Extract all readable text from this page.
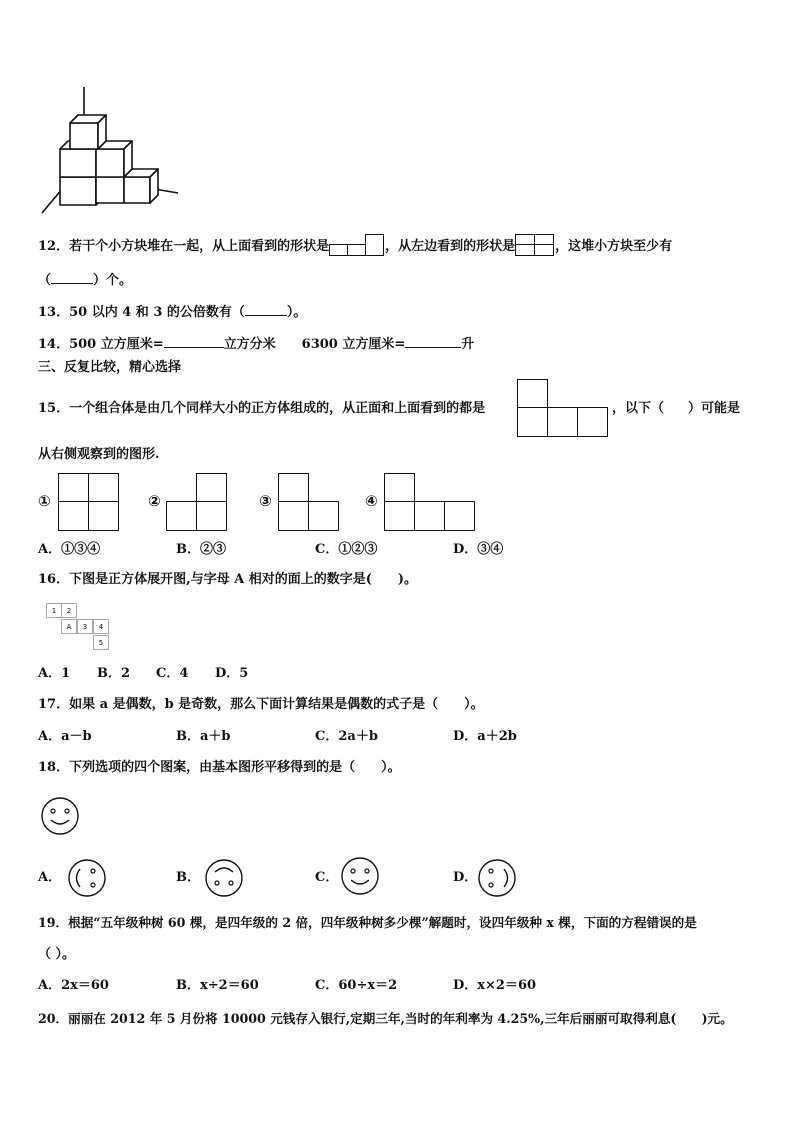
12．若干个小方块堆在一起，从上面看到的形状是	，从左边看到的形状是	，这堆小方块至少有
（	）个。
13．50 以内 4 和 3 的公倍数有（	）。
14．500 立方厘米=	立方分米 6300 立方厘米=	升
三、反复比较，精心选择
15．一个组合体是由几个同样大小的正方体组成的，从正面和上面看到的都是	，以下（ ）可能是
从右侧观察到的图形.
①	②	③	④
A．①③④	B．②③	C．①②③	D．③④
16．下图是正方体展开图,与字母 A 相对的面上的数字是(　　)。
1	2
A	3	4
5
A．1 B．2 C．4 D．5
17．如果 a 是偶数，b 是奇数，那么下面计算结果是偶数的式子是（　　）。
A．a－b	B．a＋b	C．2a＋b	D．a＋2b
18．下列选项的四个图案，由基本图形平移得到的是（　　）。
A．	B．	C．	D．
19．根据“五年级种树 60 棵，是四年级的 2 倍，四年级种树多少棵”解题时，设四年级种 x 棵，下面的方程错误的是
（ ）。
A．2x＝60	B．x÷2＝60	C．60÷x＝2	D．x×2＝60
20．丽丽在 2012 年 5 月份将 10000 元钱存入银行,定期三年,当时的年利率为 4.25%,三年后丽丽可取得利息(　　)元。
